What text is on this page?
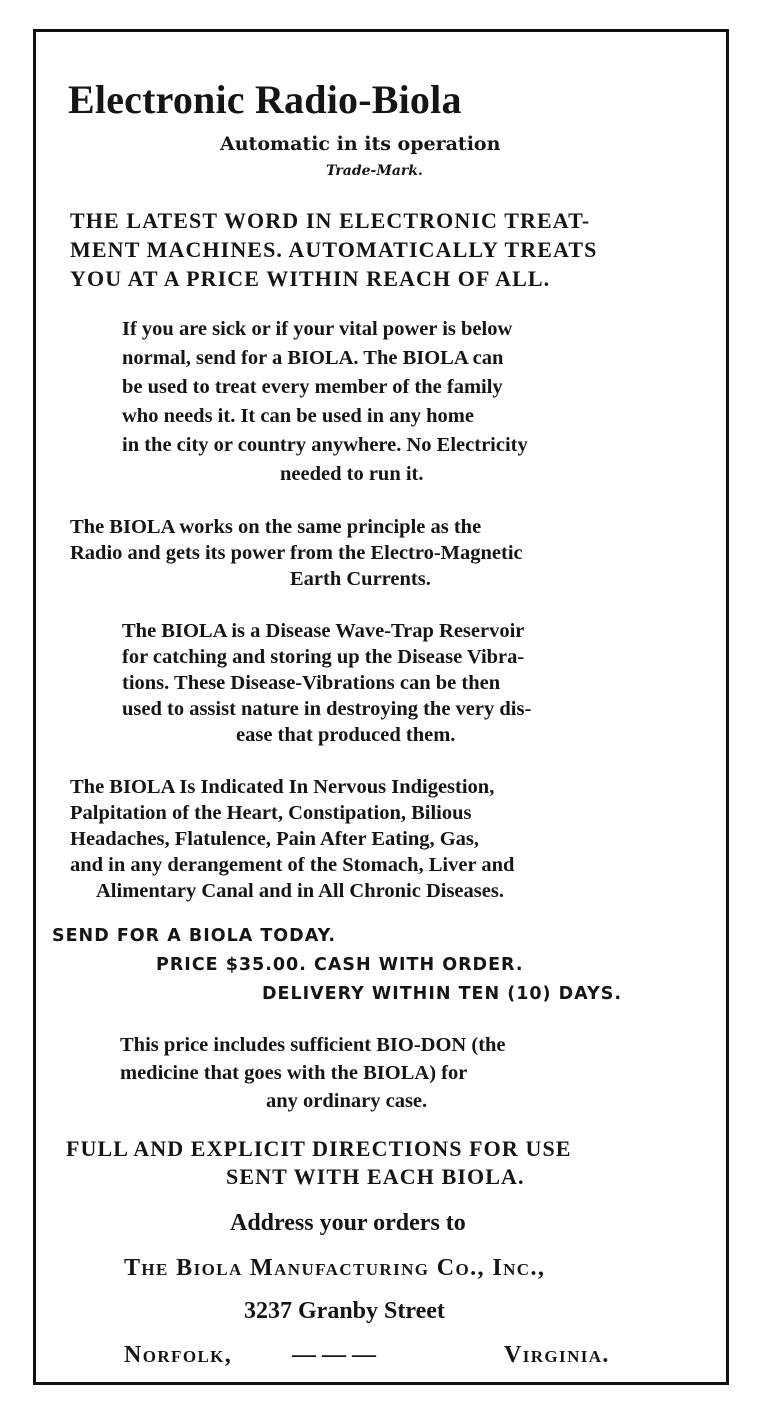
Electronic Radio-Biola

Automatic in its operation

Trade-Mark.

THE LATEST WORD IN ELECTRONIC TREAT-

MENT MACHINES. AUTOMATICALLY TREATS

YOU AT A PRICE WITHIN REACH OF ALL.

If you are sick or if your vital power is below

normal, send for a BIOLA. The BIOLA can

be used to treat every member of the family

who needs it. It can be used in any home

in the city or country anywhere. No Electricity

needed to run it.

The BIOLA works on the same principle as the

Radio and gets its power from the Electro-Magnetic

Earth Currents.

The BIOLA is a Disease Wave-Trap Reservoir

for catching and storing up the Disease Vibra-

tions. These Disease-Vibrations can be then

used to assist nature in destroying the very dis-

ease that produced them.

The BIOLA Is Indicated In Nervous Indigestion,

Palpitation of the Heart, Constipation, Bilious

Headaches, Flatulence, Pain After Eating, Gas,

and in any derangement of the Stomach, Liver and

Alimentary Canal and in All Chronic Diseases.

SEND FOR A BIOLA TODAY.

PRICE $35.00. CASH WITH ORDER.

DELIVERY WITHIN TEN (10) DAYS.

This price includes sufficient BIO-DON (the

medicine that goes with the BIOLA) for

any ordinary case.

FULL AND EXPLICIT DIRECTIONS FOR USE

SENT WITH EACH BIOLA.

Address your orders to

The Biola Manufacturing Co., Inc.,

3237 Granby Street

Norfolk, — — —	Virginia.
